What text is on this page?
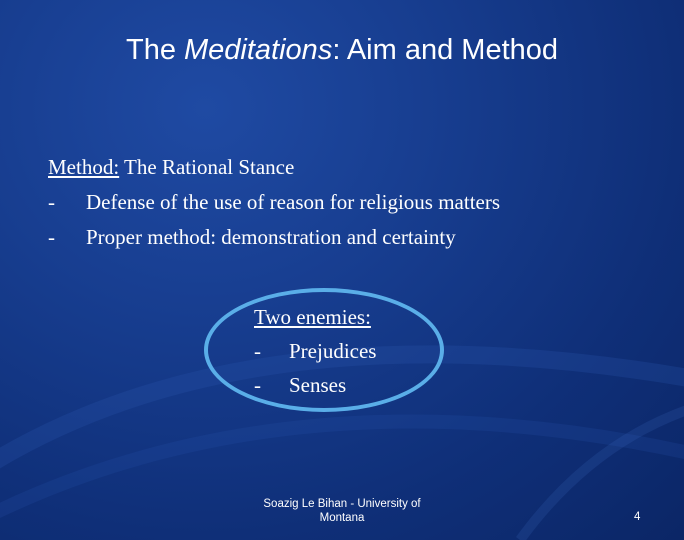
The Meditations: Aim and Method
Method: The Rational Stance
-	Defense of the use of reason for religious matters
-	Proper method: demonstration and certainty
Two enemies:
-	Prejudices
-	Senses
Soazig Le Bihan - University of
Montana	4
